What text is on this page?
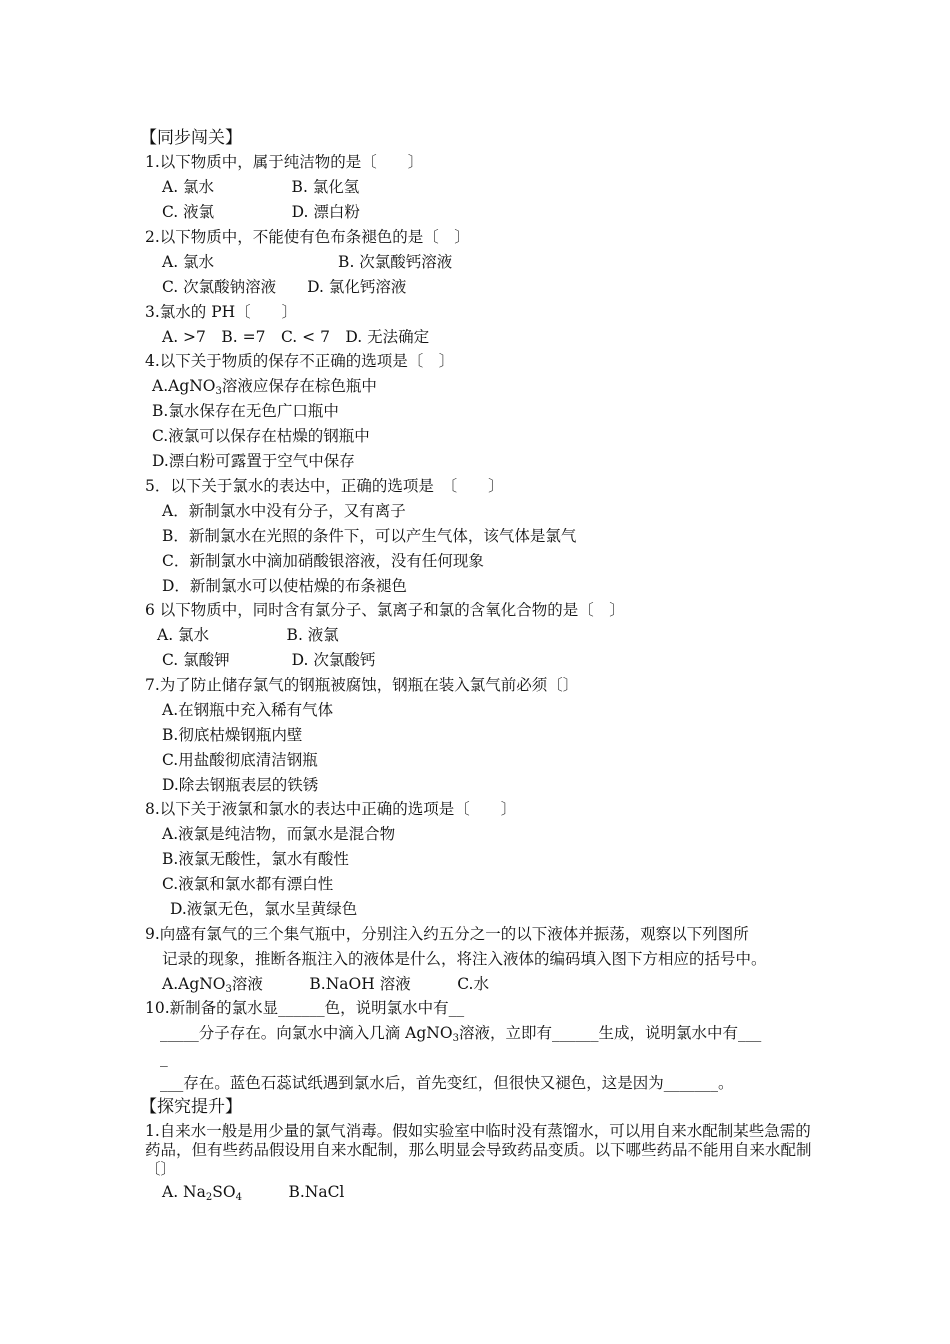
【同步闯关】
1.以下物质中，属于纯洁物的是〔　　〕
A. 氯水　　　　　B. 氯化氢
C. 液氯　　　　　D. 漂白粉
2.以下物质中，不能使有色布条褪色的是〔　〕
A. 氯水　　　　　　　　B. 次氯酸钙溶液
C. 次氯酸钠溶液　　D. 氯化钙溶液
3.氯水的 PH〔　　〕
A. >7　B. =7　C. < 7　D. 无法确定
4.以下关于物质的保存不正确的选项是〔　〕
A.AgNO$_3$溶液应保存在棕色瓶中
B.氯水保存在无色广口瓶中
C.液氯可以保存在枯燥的钢瓶中
D.漂白粉可露置于空气中保存
5．以下关于氯水的表达中，正确的选项是　〔　　〕
A．新制氯水中没有分子，又有离子
B．新制氯水在光照的条件下，可以产生气体，该气体是氯气
C．新制氯水中滴加硝酸银溶液，没有任何现象
D．新制氯水可以使枯燥的布条褪色
6 以下物质中，同时含有氯分子、氯离子和氯的含氧化合物的是〔　〕
A. 氯水　　　　　B. 液氯
C. 氯酸钾　　　　D. 次氯酸钙
7.为了防止储存氯气的钢瓶被腐蚀，钢瓶在装入氯气前必须〔〕
A.在钢瓶中充入稀有气体
B.彻底枯燥钢瓶内壁
C.用盐酸彻底清洁钢瓶
D.除去钢瓶表层的铁锈
8.以下关于液氯和氯水的表达中正确的选项是〔　　〕
A.液氯是纯洁物，而氯水是混合物
B.液氯无酸性，氯水有酸性
C.液氯和氯水都有漂白性
D.液氯无色，氯水呈黄绿色
9.向盛有氯气的三个集气瓶中，分别注入约五分之一的以下液体并振荡，观察以下列图所
记录的现象，推断各瓶注入的液体是什么，将注入液体的编码填入图下方相应的括号中。
A.AgNO$_3$溶液　　　	B.NaOH 溶液　　　	C.水
10.新制备的氯水显______色，说明氯水中有__
_____分子存在。向氯水中滴入几滴 AgNO$_3$溶液，立即有______生成，说明氯水中有___
_
___存在。蓝色石蕊试纸遇到氯水后，首先变红，但很快又褪色，这是因为_______。
【探究提升】
1.自来水一般是用少量的氯气消毒。假如实验室中临时没有蒸馏水，可以用自来水配制某些急需的药品，但有些药品假设用自来水配制，那么明显会导致药品变质。以下哪些药品不能用自来水配制〔〕
A. $Na_2SO_4$　　　	B.NaCl
